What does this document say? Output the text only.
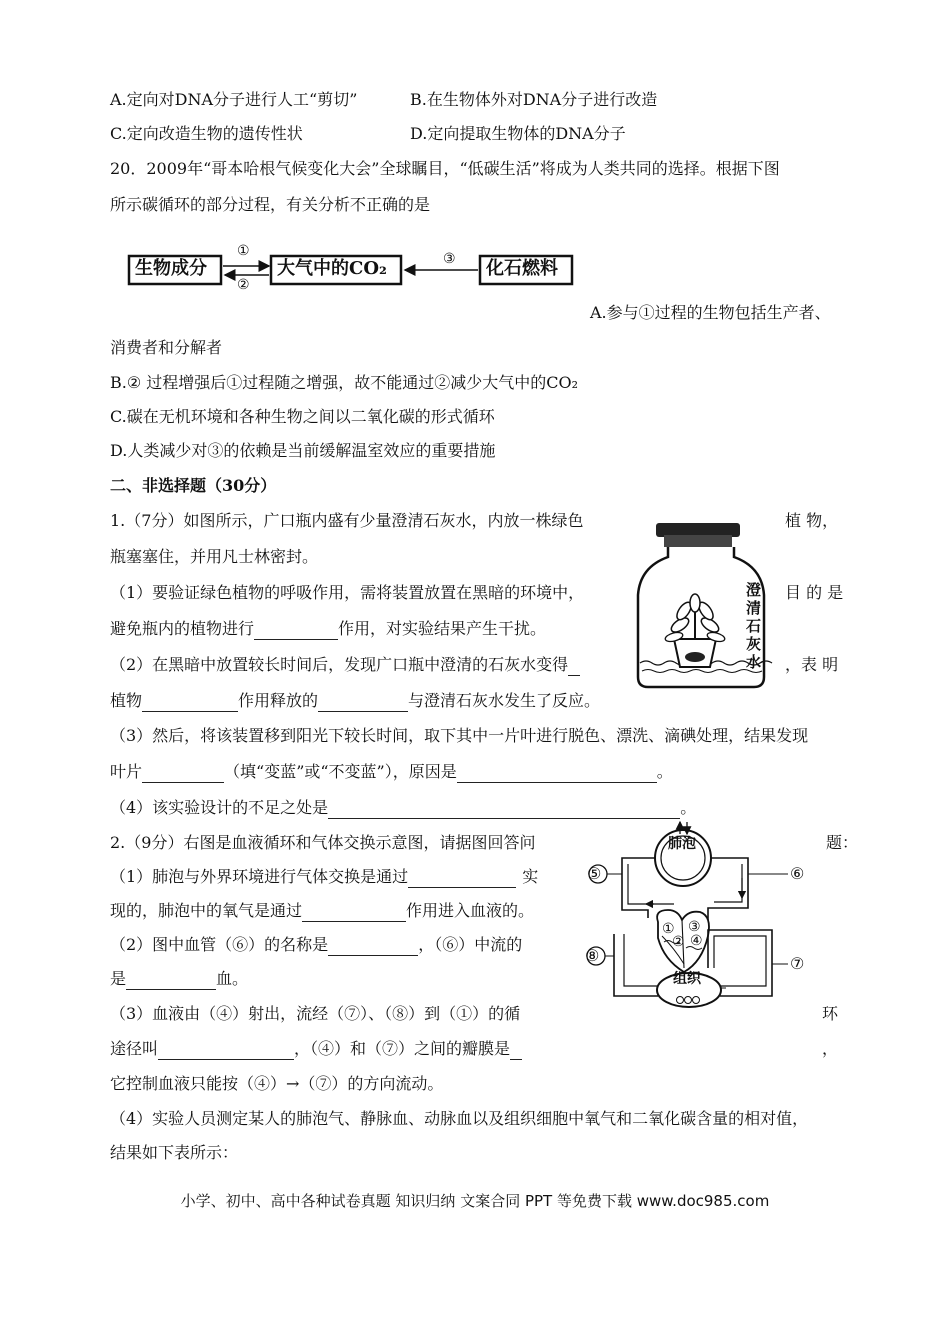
A.定向对DNA分子进行人工“剪切”	B.在生物体外对DNA分子进行改造
C.定向改造生物的遗传性状	D.定向提取生物体的DNA分子
20．2009年“哥本哈根气候变化大会”全球瞩目，“低碳生活”将成为人类共同的选择。根据下图
所示碳循环的部分过程，有关分析不正确的是
生物成分	大气中的CO₂	化石燃料
①
②
③
A.参与①过程的生物包括生产者、
消费者和分解者
B.② 过程增强后①过程随之增强，故不能通过②减少大气中的CO₂
C.碳在无机环境和各种生物之间以二氧化碳的形式循环
D.人类减少对③的依赖是当前缓解温室效应的重要措施
二、非选择题（30分）
1.（7分）如图所示，广口瓶内盛有少量澄清石灰水，内放一株绿色	植 物，
瓶塞塞住，并用凡士林密封。
（1）要验证绿色植物的呼吸作用，需将装置放置在黑暗的环境中，	目 的 是
避免瓶内的植物进行	作用，对实验结果产生干扰。
（2）在黑暗中放置较长时间后，发现广口瓶中澄清的石灰水变得	，表 明
植物	作用释放的	与澄清石灰水发生了反应。
（3）然后，将该装置移到阳光下较长时间，取下其中一片叶进行脱色、漂洗、滴碘处理，结果发现
叶片	（填“变蓝”或“不变蓝”），原因是	。
（4）该实验设计的不足之处是	。
澄
清
石
灰
水
2.（9分）右图是血液循环和气体交换示意图，请据图回答问	题：
（1）肺泡与外界环境进行气体交换是通过	实
现的，肺泡中的氧气是通过	作用进入血液的。
（2）图中血管（⑥）的名称是	，（⑥）中流的
是	血。
（3）血液由（④）射出，流经（⑦）、（⑧）到（①）的循	环
途径叫	，（④）和（⑦）之间的瓣膜是	，
它控制血液只能按（④）→（⑦）的方向流动。
（4）实验人员测定某人的肺泡气、静脉血、动脉血以及组织细胞中氧气和二氧化碳含量的相对值，
结果如下表所示：
肺泡
组织
⑤	⑥
⑧	⑦
①
②
③
④
小学、初中、高中各种试卷真题 知识归纳 文案合同 PPT 等免费下载 www.doc985.com
